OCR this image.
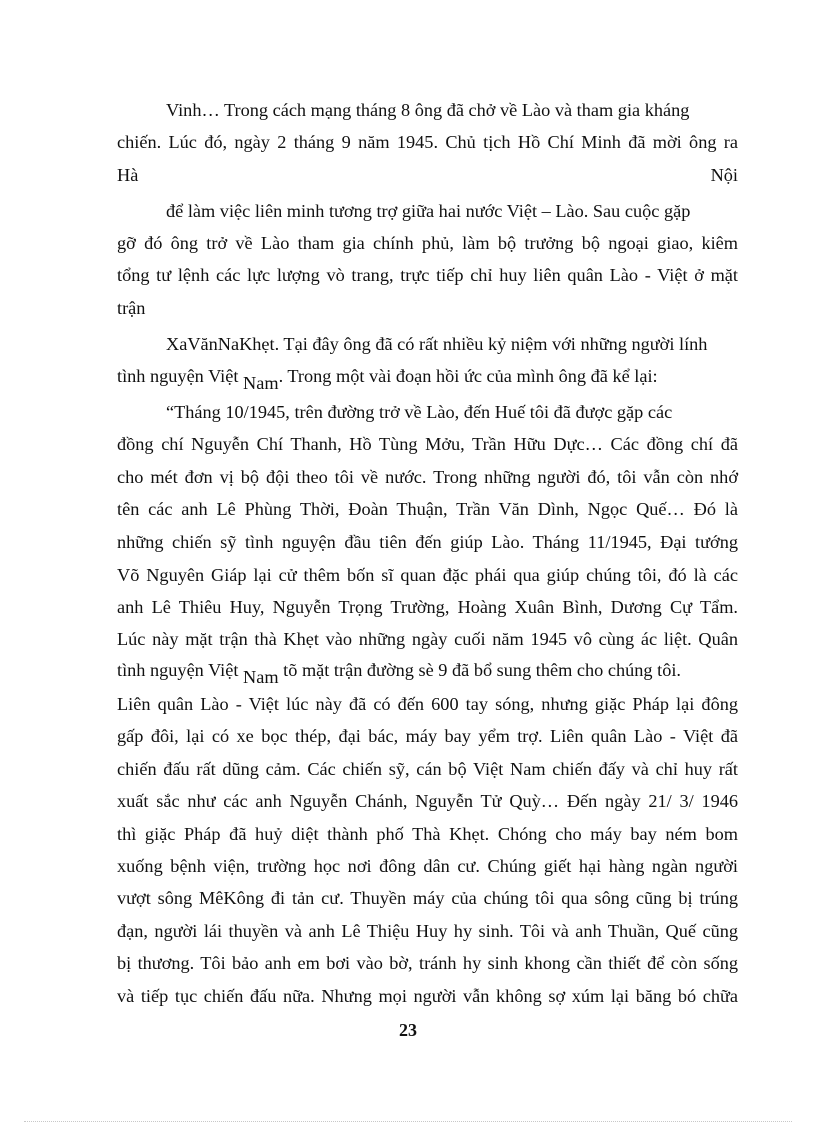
Vinh… Trong cách mạng tháng 8 ông đã chở về Lào và tham gia kháng
chiến. Lúc đó, ngày 2 tháng 9 năm 1945. Chủ tịch Hồ Chí Minh đã mời ông ra
Hà	Nội
để làm việc liên minh tương trợ giữa hai nước Việt – Lào. Sau cuộc gặp
gỡ đó ông trở về Lào tham gia chính phủ, làm bộ trưởng bộ ngoại giao, kiêm
tổng tư lệnh các lực lượng vò trang, trực tiếp chỉ huy liên quân Lào - Việt ở mặt
trận
XaVănNaKhẹt. Tại đây ông đã có rất nhiều kỷ niệm với những người lính
tình nguyện Việt Nam. Trong một vài đoạn hồi ức của mình ông đã kể lại:
“Tháng 10/1945, trên đường trở về Lào, đến Huế tôi đã được gặp các
đồng chí Nguyễn Chí Thanh, Hồ Tùng Mởu, Trần Hữu Dực… Các đồng chí đã
cho mét đơn vị bộ đội theo tôi về nước. Trong những người đó, tôi vẫn còn nhớ
tên các anh Lê Phùng Thời, Đoàn Thuận, Trần Văn Dình, Ngọc Quế… Đó là
những chiến sỹ tình nguyện đầu tiên đến giúp Lào. Tháng 11/1945, Đại tướng
Võ Nguyên Giáp lại cử thêm bốn sĩ quan đặc phái qua giúp chúng tôi, đó là các
anh Lê Thiêu Huy, Nguyễn Trọng Trường, Hoàng Xuân Bình, Dương Cự Tẩm.
Lúc này mặt trận thà Khẹt vào những ngày cuối năm 1945 vô cùng ác liệt. Quân
tình nguyện Việt Nam tõ mặt trận đường sè 9 đã bổ sung thêm cho chúng tôi.
Liên quân Lào - Việt lúc này đã có đến 600 tay sóng, nhưng giặc Pháp lại đông
gấp đôi, lại có xe bọc thép, đại bác, máy bay yểm trợ. Liên quân Lào - Việt đã
chiến đấu rất dũng cảm. Các chiến sỹ, cán bộ Việt Nam chiến đấy và chỉ huy rất
xuất sắc như các anh Nguyễn Chánh, Nguyễn Tử Quỳ… Đến ngày 21/ 3/ 1946
thì giặc Pháp đã huỷ diệt thành phố Thà Khẹt. Chóng cho máy bay ném bom
xuống bệnh viện, trường học nơi đông dân cư. Chúng giết hại hàng ngàn người
vượt sông MêKông đi tản cư. Thuyền máy của chúng tôi qua sông cũng bị trúng
đạn, người lái thuyền và anh Lê Thiệu Huy hy sinh. Tôi và anh Thuần, Quế cũng
bị thương. Tôi bảo anh em bơi vào bờ, tránh hy sinh khong cần thiết để còn sống
và tiếp tục chiến đấu nữa. Nhưng mọi người vẫn không sợ xúm lại băng bó chữa
23
